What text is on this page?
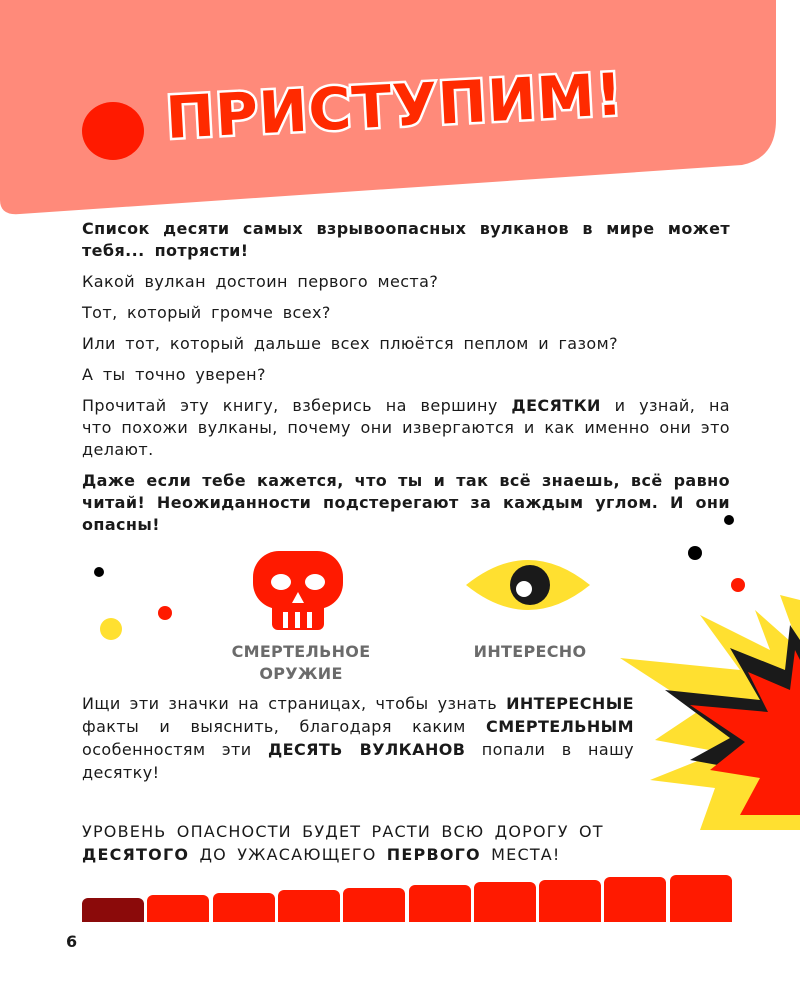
ПРИСТУПИМ!

Список десяти самых взрывоопасных вулканов в мире может тебя... потрясти!

Какой вулкан достоин первого места?

Тот, который громче всех?

Или тот, который дальше всех плюётся пеплом и газом?

А ты точно уверен?

Прочитай эту книгу, взберись на вершину ДЕСЯТКИ и узнай, на что похожи вулканы, почему они извергаются и как именно они это делают.

Даже если тебе кажется, что ты и так всё знаешь, всё равно читай! Неожиданности подстерегают за каждым углом. И они опасны!

СМЕРТЕЛЬНОЕ
ОРУЖИЕ
ИНТЕРЕСНО

Ищи эти значки на страницах, чтобы узнать ИНТЕРЕСНЫЕ факты и выяснить, благодаря каким СМЕРТЕЛЬНЫМ особенностям эти ДЕСЯТЬ ВУЛКАНОВ попали в нашу десятку!

УРОВЕНЬ ОПАСНОСТИ БУДЕТ РАСТИ ВСЮ ДОРОГУ ОТ ДЕСЯТОГО ДО УЖАСАЮЩЕГО ПЕРВОГО МЕСТА!

6
